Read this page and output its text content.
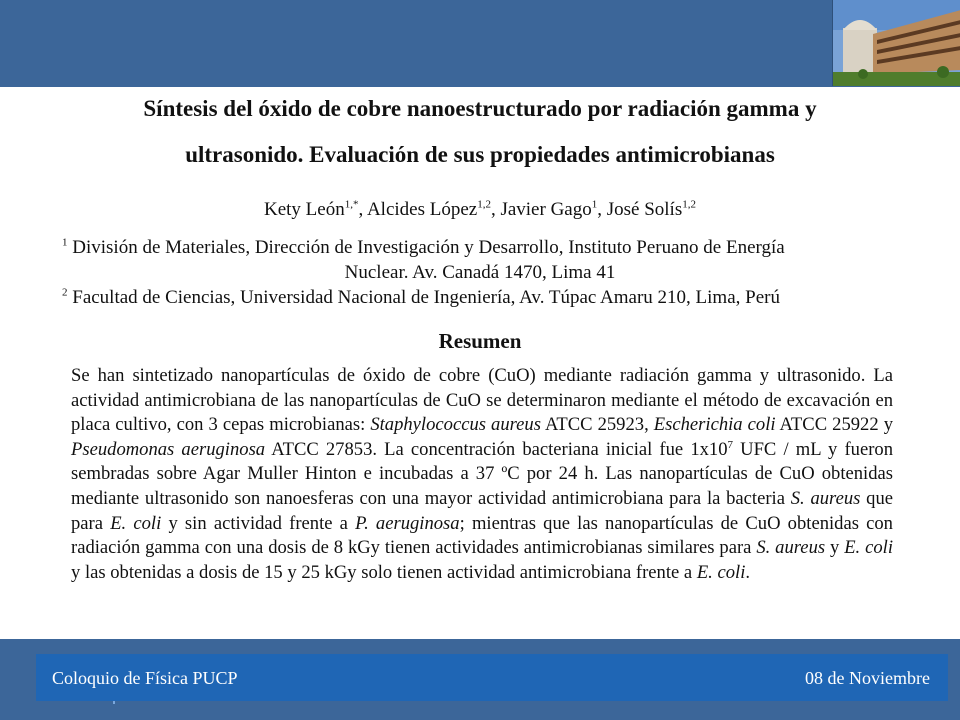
Síntesis del óxido de cobre nanoestructurado por radiación gamma y
ultrasonido. Evaluación de sus propiedades antimicrobianas
Kety León$^{1,*}$, Alcides López$^{1,2}$, Javier Gago$^1$, José Solís$^{1,2}$
$^1$ División de Materiales, Dirección de Investigación y Desarrollo, Instituto Peruano de Energía
Nuclear. Av. Canadá 1470, Lima 41
$^2$ Facultad de Ciencias, Universidad Nacional de Ingeniería, Av. Túpac Amaru 210, Lima, Perú
Resumen
Se han sintetizado nanopartículas de óxido de cobre (CuO) mediante radiación gamma y ultrasonido. La actividad antimicrobiana de las nanopartículas de CuO se determinaron mediante el método de excavación en placa cultivo, con 3 cepas microbianas: Staphylococcus aureus ATCC 25923, Escherichia coli ATCC 25922 y Pseudomonas aeruginosa ATCC 27853. La concentración bacteriana inicial fue $1x10^7$ UFC / mL y fueron sembradas sobre Agar Muller Hinton e incubadas a 37 ºC por 24 h. Las nanopartículas de CuO obtenidas mediante ultrasonido son nanoesferas con una mayor actividad antimicrobiana para la bacteria S. aureus que para E. coli y sin actividad frente a P. aeruginosa; mientras que las nanopartículas de CuO obtenidas con radiación gamma con una dosis de 8 kGy tienen actividades antimicrobianas similares para S. aureus y E. coli y las obtenidas a dosis de 15 y 25 kGy solo tienen actividad antimicrobiana frente a E. coli.
Coloquio de Física PUCP	08 de Noviembre
